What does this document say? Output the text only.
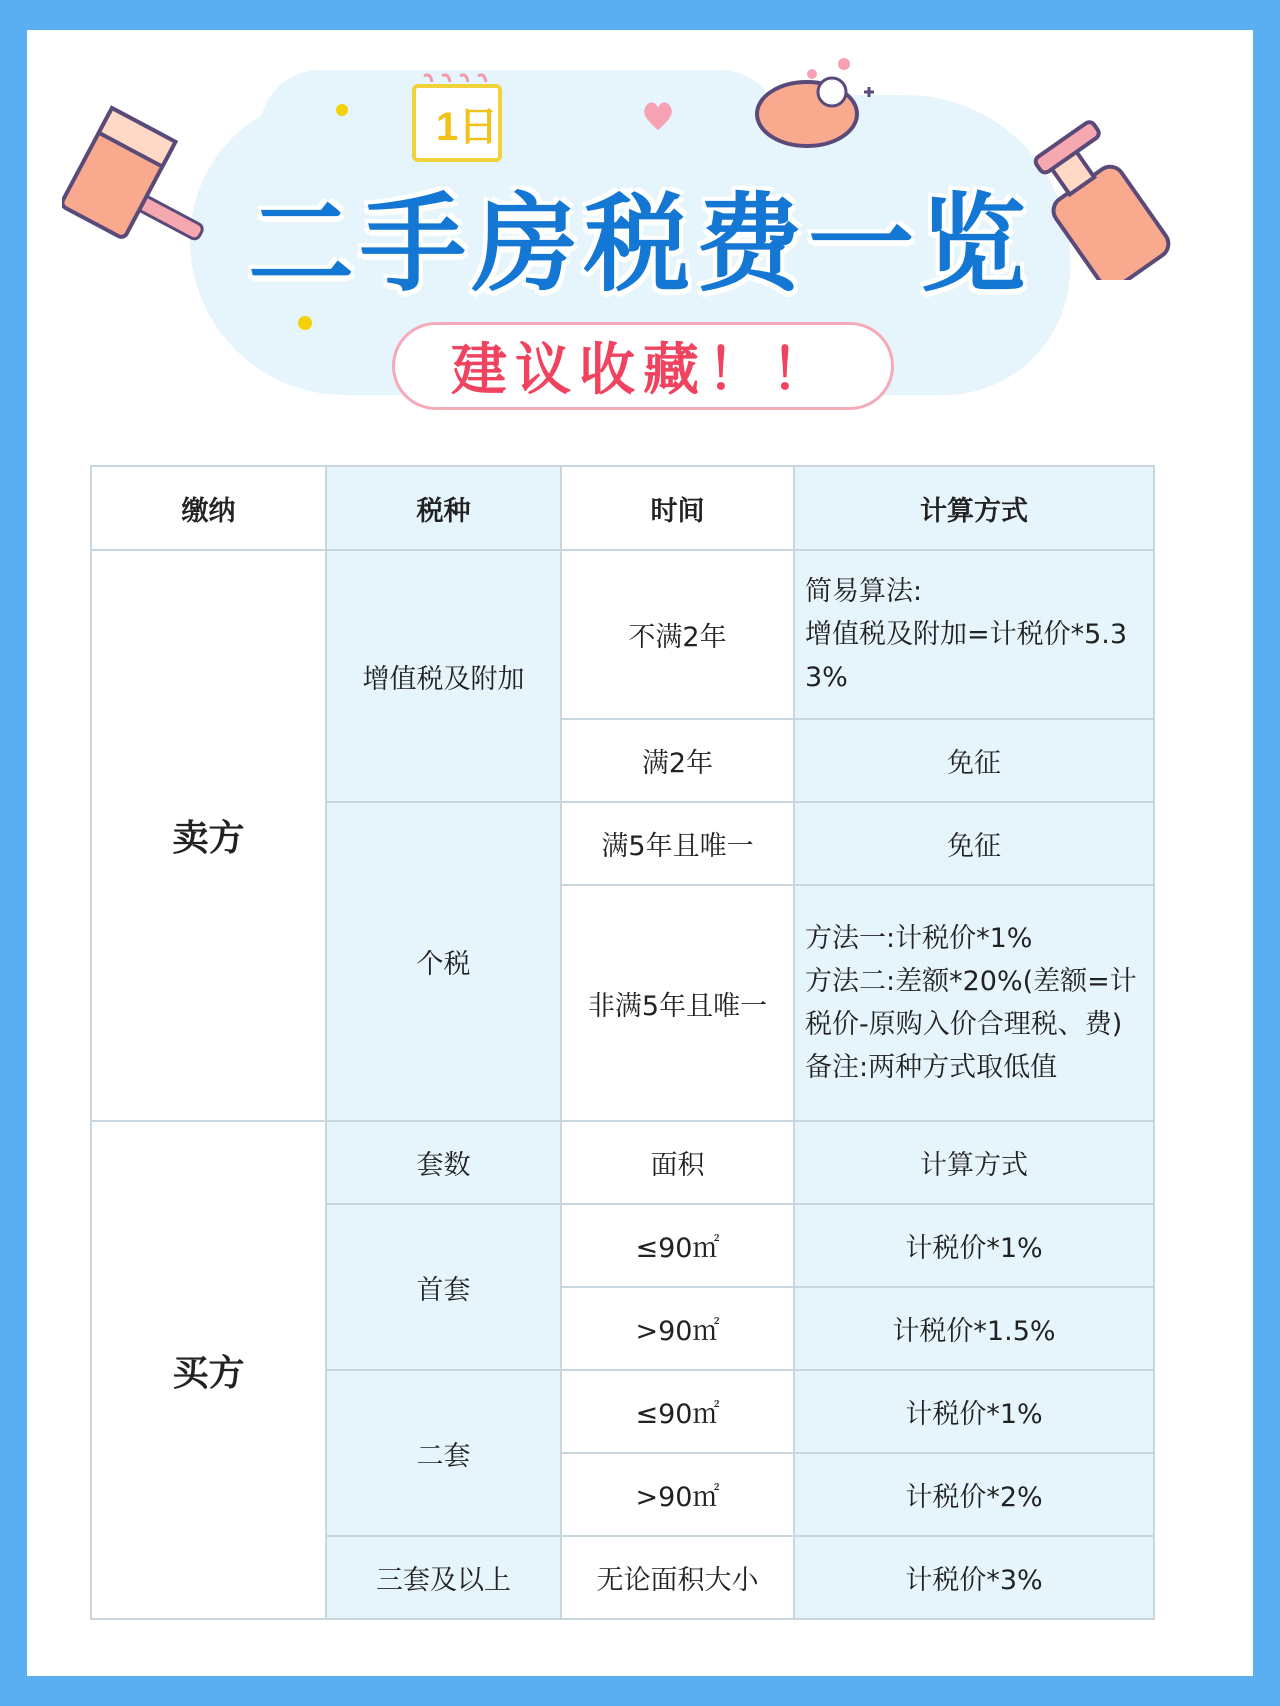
1日
二手房税费一览
建议收藏！！
缴纳	税种	时间	计算方式
卖方	增值税及附加	不满2年	简易算法:
增值税及附加=计税价*5.3
3%

		满2年	免征
	个税	满5年且唯一	免征
		非满5年且唯一	方法一:计税价*1%
方法二:差额*20%(差额=计
税价-原购入价合理税、费)
备注:两种方式取低值

买方	套数	面积	计算方式
	首套	≤90㎡	计税价*1%
		>90㎡	计税价*1.5%
	二套	≤90㎡	计税价*1%
		>90㎡	计税价*2%
	三套及以上	无论面积大小	计税价*3%
